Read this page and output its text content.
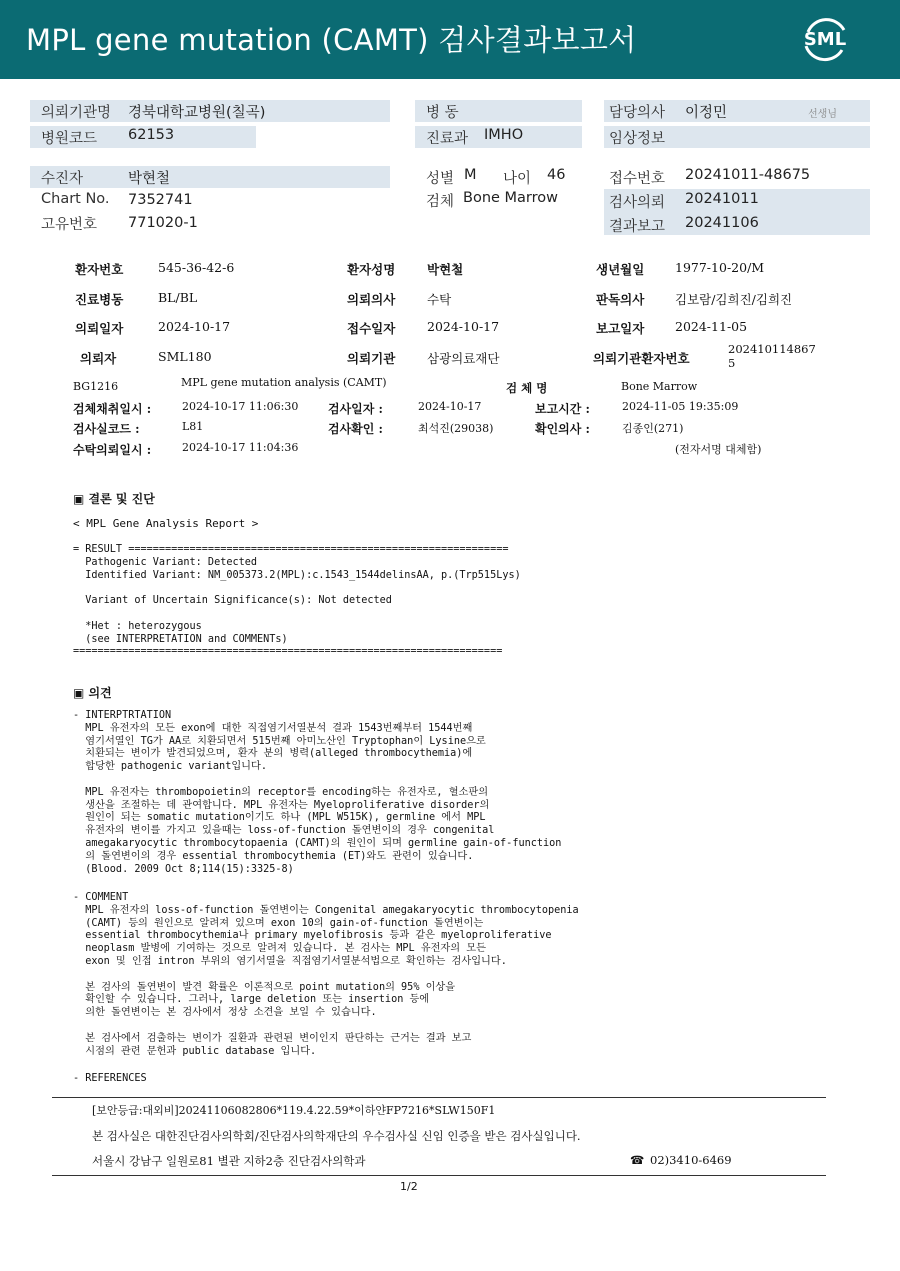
MPL gene mutation (CAMT) 검사결과보고서	SML
의뢰기관명 경북대학교병원(칠곡)	병 동	담당의사 이정민	선생님
병원코드 62153	진료과 IMHO	임상정보
수진자	박현철	성별 M 나이 46	접수번호 20241011-48675
Chart No. 7352741	검체 Bone Marrow	검사의뢰 20241011
고유번호 771020-1	결과보고 20241106
환자번호	545-36-42-6	환자성명	박현철	생년월일 1977-10-20/M
진료병동	BL/BL	의뢰의사	수탁	판독의사 김보람/김희진/김희진
의뢰일자	2024-10-17	접수일자	2024-10-17	보고일자 2024-11-05
의뢰자	SML180	의뢰기관	삼광의료재단	의뢰기관환자번호
202410114867
5
BG1216	MPL gene mutation analysis (CAMT)	검 체 명	Bone Marrow
검체채취일시 :	2024-10-17 11:06:30 검사일자 :	2024-10-17	보고시간 :	2024-11-05 19:35:09
검사실코드 :	L81	검사확인 :	최석진(29038)	확인의사 :	김종인(271)
수탁의뢰일시 :	2024-10-17 11:04:36	(전자서명 대체함)
▣ 결론 및 진단
< MPL Gene Analysis Report >
= RESULT ==============================================================
Pathogenic Variant: Detected
Identified Variant: NM_005373.2(MPL):c.1543_1544delinsAA, p.(Trp515Lys)

Variant of Uncertain Significance(s): Not detected

*Het : heterozygous
(see INTERPRETATION and COMMENTs)
======================================================================
▣ 의견
- INTERPTRTATION
MPL 유전자의 모든 exon에 대한 직접염기서열분석 결과 1543번째부터 1544번째
염기서열인 TG가 AA로 치환되면서 515번째 아미노산인 Tryptophan이 Lysine으로
치환되는 변이가 발견되었으며, 환자 분의 병력(alleged thrombocythemia)에
합당한 pathogenic variant입니다.

MPL 유전자는 thrombopoietin의 receptor를 encoding하는 유전자로, 혈소판의
생산을 조절하는 데 관여합니다. MPL 유전자는 Myeloproliferative disorder의
원인이 되는 somatic mutation이기도 하나 (MPL W515K), germline 에서 MPL
유전자의 변이를 가지고 있을때는 loss-of-function 돌연변이의 경우 congenital
amegakaryocytic thrombocytopaenia (CAMT)의 원인이 되며 germline gain-of-function
의 돌연변이의 경우 essential thrombocythemia (ET)와도 관련이 있습니다.
(Blood. 2009 Oct 8;114(15):3325-8)
- COMMENT
MPL 유전자의 loss-of-function 돌연변이는 Congenital amegakaryocytic thrombocytopenia
(CAMT) 등의 원인으로 알려져 있으며 exon 10의 gain-of-function 돌연변이는
essential thrombocythemia나 primary myelofibrosis 등과 같은 myeloproliferative
neoplasm 발병에 기여하는 것으로 알려져 있습니다. 본 검사는 MPL 유전자의 모든
exon 및 인접 intron 부위의 염기서열을 직접염기서열분석법으로 확인하는 검사입니다.

본 검사의 돌연변이 발견 확률은 이론적으로 point mutation의 95% 이상을
확인할 수 있습니다. 그러나, large deletion 또는 insertion 등에
의한 돌연변이는 본 검사에서 정상 소견을 보일 수 있습니다.

본 검사에서 검출하는 변이가 질환과 관련된 변이인지 판단하는 근거는 결과 보고
시점의 관련 문헌과 public database 입니다.
- REFERENCES
[보안등급:대외비]20241106082806*119.4.22.59*이하얀FP7216*SLW150F1
본 검사실은 대한진단검사의학회/진단검사의학재단의 우수검사실 신임 인증을 받은 검사실입니다.
서울시 강남구 일원로81 별관 지하2층 진단검사의학과	☎ 02)3410-6469
1/2
